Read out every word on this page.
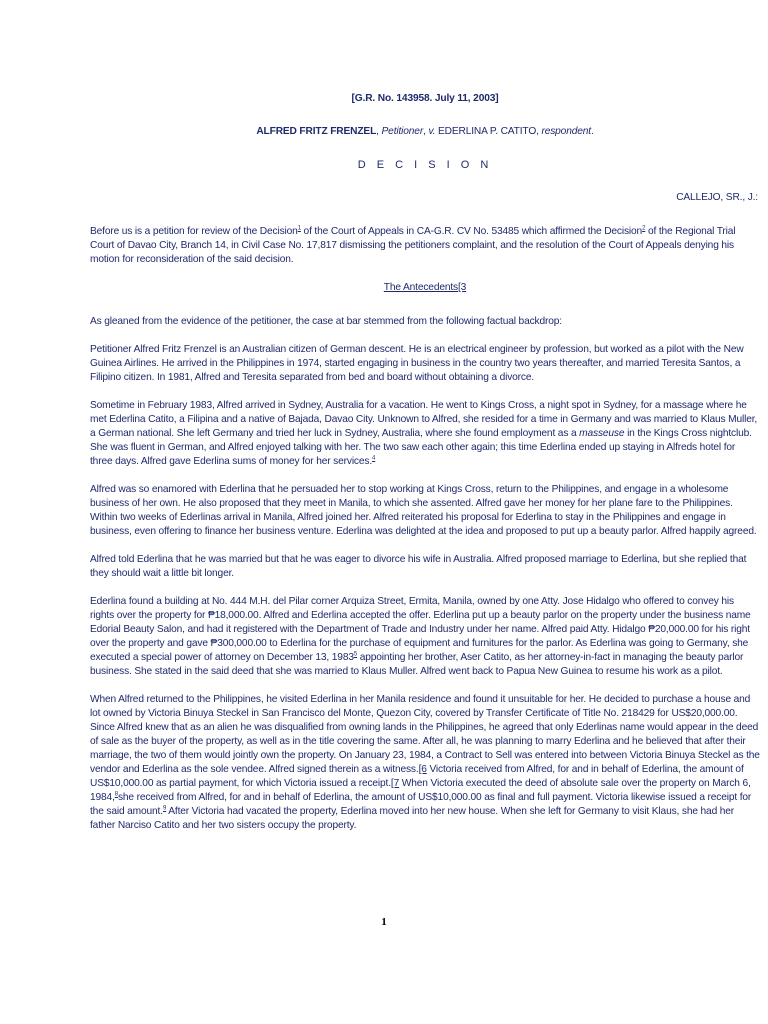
[G.R. No. 143958. July 11, 2003]
ALFRED FRITZ FRENZEL, Petitioner, v. EDERLINA P. CATITO, respondent.
D E C I S I O N
CALLEJO, SR., J.:

Before us is a petition for review of the Decision$^1$ of the Court of Appeals in CA-G.R. CV No. 53485 which affirmed the Decision$^2$ of the Regional Trial Court of Davao City, Branch 14, in Civil Case No. 17,817 dismissing the petitioners complaint, and the resolution of the Court of Appeals denying his motion for reconsideration of the said decision.

The Antecedents[3

As gleaned from the evidence of the petitioner, the case at bar stemmed from the following factual backdrop:

Petitioner Alfred Fritz Frenzel is an Australian citizen of German descent. He is an electrical engineer by profession, but worked as a pilot with the New Guinea Airlines. He arrived in the Philippines in 1974, started engaging in business in the country two years thereafter, and married Teresita Santos, a Filipino citizen. In 1981, Alfred and Teresita separated from bed and board without obtaining a divorce.

Sometime in February 1983, Alfred arrived in Sydney, Australia for a vacation. He went to Kings Cross, a night spot in Sydney, for a massage where he met Ederlina Catito, a Filipina and a native of Bajada, Davao City. Unknown to Alfred, she resided for a time in Germany and was married to Klaus Muller, a German national. She left Germany and tried her luck in Sydney, Australia, where she found employment as a masseuse in the Kings Cross nightclub. She was fluent in German, and Alfred enjoyed talking with her. The two saw each other again; this time Ederlina ended up staying in Alfreds hotel for three days. Alfred gave Ederlina sums of money for her services.$^4$

Alfred was so enamored with Ederlina that he persuaded her to stop working at Kings Cross, return to the Philippines, and engage in a wholesome business of her own. He also proposed that they meet in Manila, to which she assented. Alfred gave her money for her plane fare to the Philippines. Within two weeks of Ederlinas arrival in Manila, Alfred joined her. Alfred reiterated his proposal for Ederlina to stay in the Philippines and engage in business, even offering to finance her business venture. Ederlina was delighted at the idea and proposed to put up a beauty parlor. Alfred happily agreed.

Alfred told Ederlina that he was married but that he was eager to divorce his wife in Australia. Alfred proposed marriage to Ederlina, but she replied that they should wait a little bit longer.

Ederlina found a building at No. 444 M.H. del Pilar corner Arquiza Street, Ermita, Manila, owned by one Atty. Jose Hidalgo who offered to convey his rights over the property for ₱18,000.00. Alfred and Ederlina accepted the offer. Ederlina put up a beauty parlor on the property under the business name Edorial Beauty Salon, and had it registered with the Department of Trade and Industry under her name. Alfred paid Atty. Hidalgo ₱20,000.00 for his right over the property and gave ₱300,000.00 to Ederlina for the purchase of equipment and furnitures for the parlor. As Ederlina was going to Germany, she executed a special power of attorney on December 13, 1983$^5$ appointing her brother, Aser Catito, as her attorney-in-fact in managing the beauty parlor business. She stated in the said deed that she was married to Klaus Muller. Alfred went back to Papua New Guinea to resume his work as a pilot.

When Alfred returned to the Philippines, he visited Ederlina in her Manila residence and found it unsuitable for her. He decided to purchase a house and lot owned by Victoria Binuya Steckel in San Francisco del Monte, Quezon City, covered by Transfer Certificate of Title No. 218429 for US$20,000.00. Since Alfred knew that as an alien he was disqualified from owning lands in the Philippines, he agreed that only Ederlinas name would appear in the deed of sale as the buyer of the property, as well as in the title covering the same. After all, he was planning to marry Ederlina and he believed that after their marriage, the two of them would jointly own the property. On January 23, 1984, a Contract to Sell was entered into between Victoria Binuya Steckel as the vendor and Ederlina as the sole vendee. Alfred signed therein as a witness.[6 Victoria received from Alfred, for and in behalf of Ederlina, the amount of US$10,000.00 as partial payment, for which Victoria issued a receipt.[7 When Victoria executed the deed of absolute sale over the property on March 6, 1984,$^8$she received from Alfred, for and in behalf of Ederlina, the amount of US$10,000.00 as final and full payment. Victoria likewise issued a receipt for the said amount.$^9$ After Victoria had vacated the property, Ederlina moved into her new house. When she left for Germany to visit Klaus, she had her father Narciso Catito and her two sisters occupy the property.

1
